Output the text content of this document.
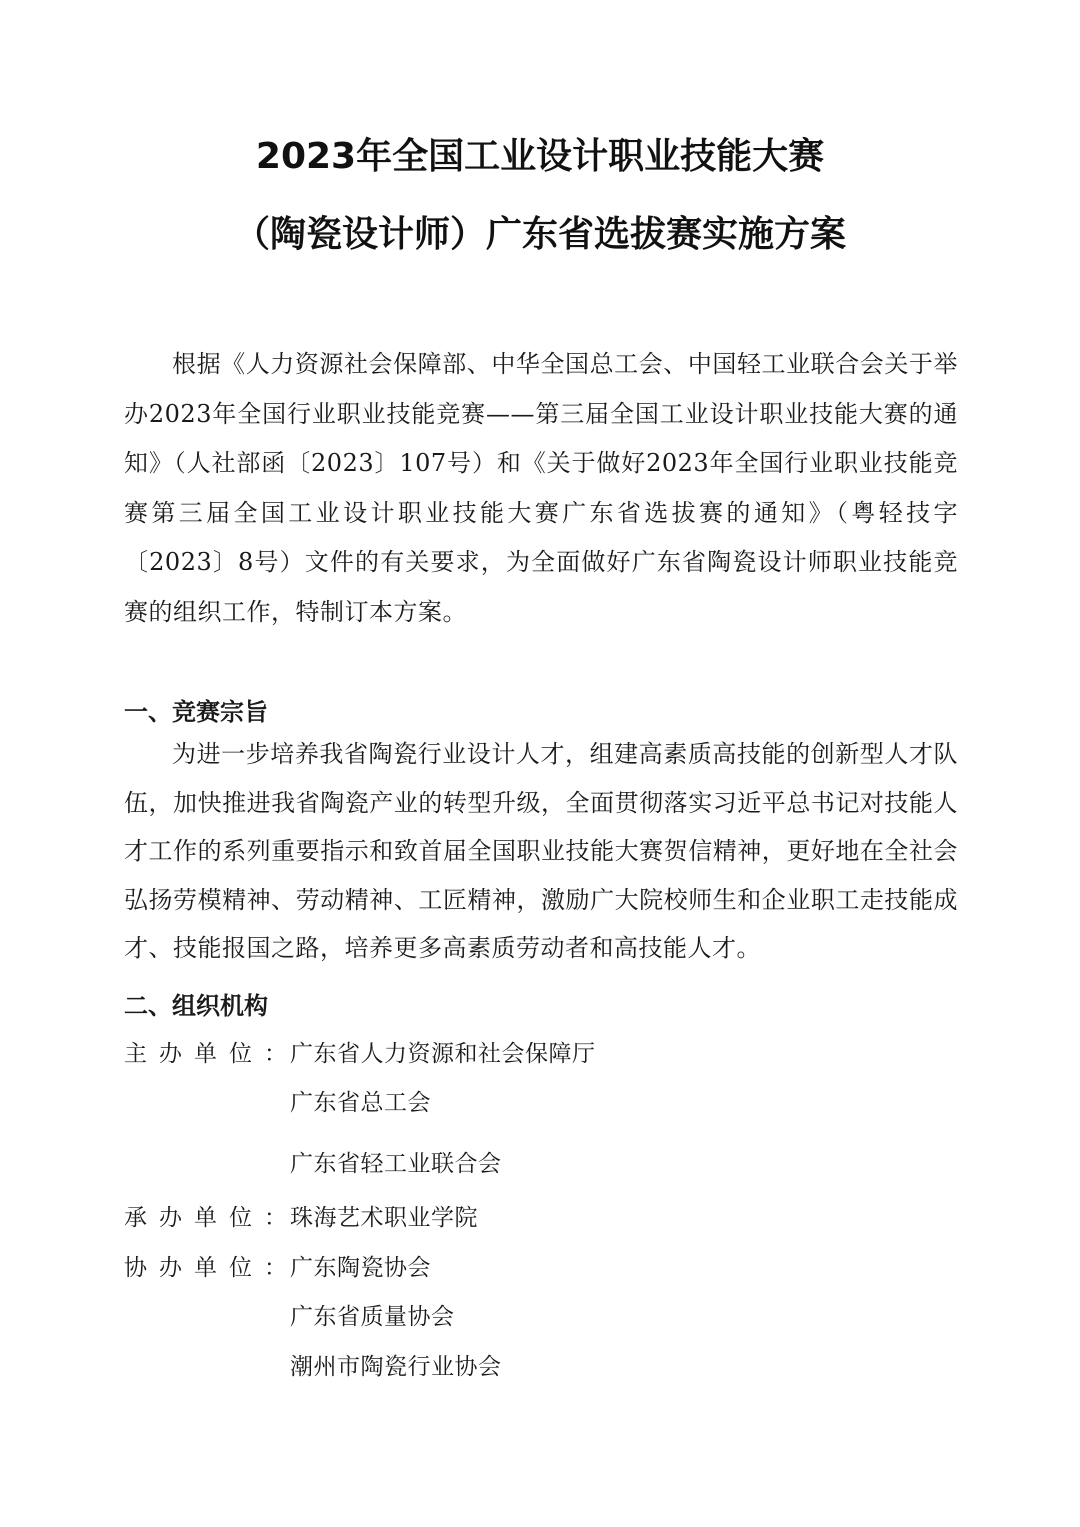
2023年全国工业设计职业技能大赛
（陶瓷设计师）广东省选拔赛实施方案

根据《人力资源社会保障部、中华全国总工会、中国轻工业联合会关于举办2023年全国行业职业技能竞赛——第三届全国工业设计职业技能大赛的通知》（人社部函〔2023〕107号）和《关于做好2023年全国行业职业技能竞赛第三届全国工业设计职业技能大赛广东省选拔赛的通知》（粤轻技字〔2023〕8号）文件的有关要求，为全面做好广东省陶瓷设计师职业技能竞赛的组织工作，特制订本方案。

一、竞赛宗旨

为进一步培养我省陶瓷行业设计人才，组建高素质高技能的创新型人才队伍，加快推进我省陶瓷产业的转型升级，全面贯彻落实习近平总书记对技能人才工作的系列重要指示和致首届全国职业技能大赛贺信精神，更好地在全社会弘扬劳模精神、劳动精神、工匠精神，激励广大院校师生和企业职工走技能成才、技能报国之路，培养更多高素质劳动者和高技能人才。

二、组织机构
主办单位：
广东省人力资源和社会保障厅
广东省总工会
广东省轻工业联合会
承办单位：
珠海艺术职业学院
协办单位：
广东陶瓷协会
广东省质量协会
潮州市陶瓷行业协会
